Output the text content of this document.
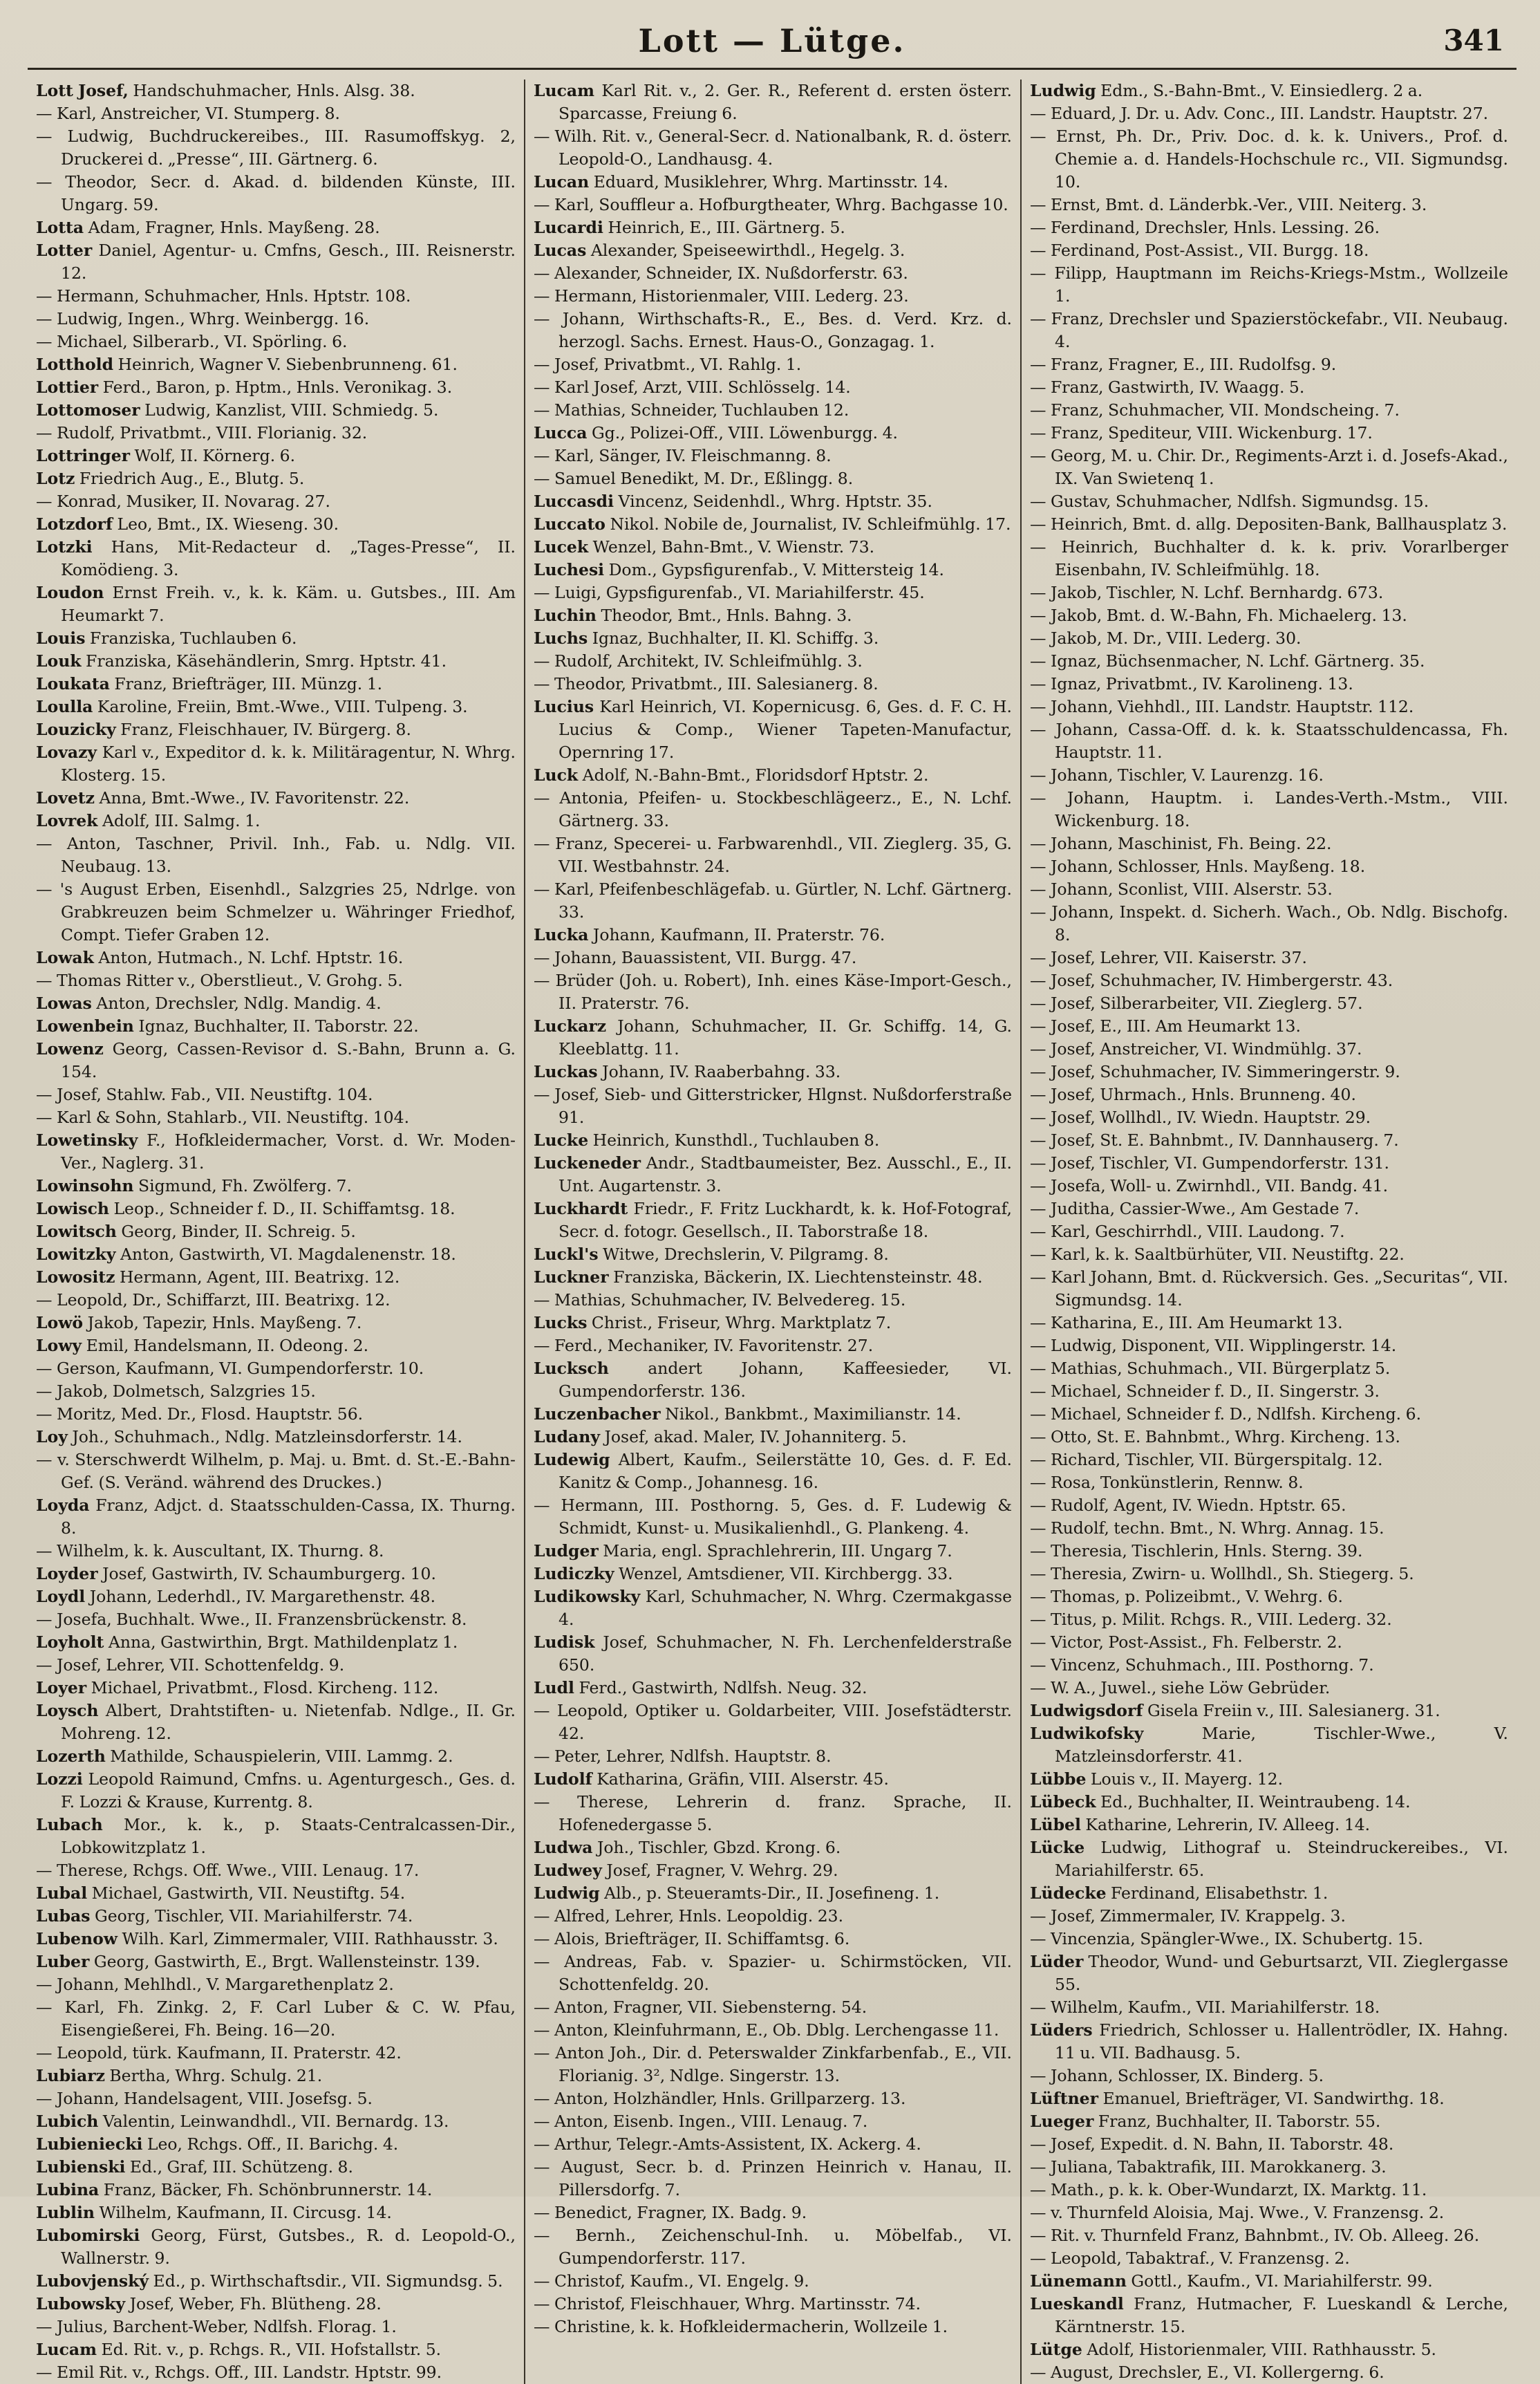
Lott — Lütge.	341
Lott Josef, Handschuhmacher, Hnls. Alsg. 38.
— Karl, Anstreicher, VI. Stumperg. 8.
— Ludwig, Buchdruckereibes., III. Rasumoffskyg. 2, Druckerei d. „Presse“, III. Gärtnerg. 6.
— Theodor, Secr. d. Akad. d. bildenden Künste, III. Ungarg. 59.
Lotta Adam, Fragner, Hnls. Mayßeng. 28.
Lotter Daniel, Agentur- u. Cmfns, Gesch., III. Reisnerstr. 12.
— Hermann, Schuhmacher, Hnls. Hptstr. 108.
— Ludwig, Ingen., Whrg. Weinbergg. 16.
— Michael, Silberarb., VI. Spörling. 6.
Lotthold Heinrich, Wagner V. Siebenbrunneng. 61.
Lottier Ferd., Baron, p. Hptm., Hnls. Veronikag. 3.
Lottomoser Ludwig, Kanzlist, VIII. Schmiedg. 5.
— Rudolf, Privatbmt., VIII. Florianig. 32.
Lottringer Wolf, II. Körnerg. 6.
Lotz Friedrich Aug., E., Blutg. 5.
— Konrad, Musiker, II. Novarag. 27.
Lotzdorf Leo, Bmt., IX. Wieseng. 30.
Lotzki Hans, Mit-Redacteur d. „Tages-Presse“, II. Komödieng. 3.
Loudon Ernst Freih. v., k. k. Käm. u. Gutsbes., III. Am Heumarkt 7.
Louis Franziska, Tuchlauben 6.
Louk Franziska, Käsehändlerin, Smrg. Hptstr. 41.
Loukata Franz, Briefträger, III. Münzg. 1.
Loulla Karoline, Freiin, Bmt.-Wwe., VIII. Tulpeng. 3.
Louzicky Franz, Fleischhauer, IV. Bürgerg. 8.
Lovazy Karl v., Expeditor d. k. k. Militäragentur, N. Whrg. Klosterg. 15.
Lovetz Anna, Bmt.-Wwe., IV. Favoritenstr. 22.
Lovrek Adolf, III. Salmg. 1.
— Anton, Taschner, Privil. Inh., Fab. u. Ndlg. VII. Neubaug. 13.
— 's August Erben, Eisenhdl., Salzgries 25, Ndrlge. von Grabkreuzen beim Schmelzer u. Währinger Friedhof, Compt. Tiefer Graben 12.
Lowak Anton, Hutmach., N. Lchf. Hptstr. 16.
— Thomas Ritter v., Oberstlieut., V. Grohg. 5.
Lowas Anton, Drechsler, Ndlg. Mandig. 4.
Lowenbein Ignaz, Buchhalter, II. Taborstr. 22.
Lowenz Georg, Cassen-Revisor d. S.-Bahn, Brunn a. G. 154.
— Josef, Stahlw. Fab., VII. Neustiftg. 104.
— Karl & Sohn, Stahlarb., VII. Neustiftg. 104.
Lowetinsky F., Hofkleidermacher, Vorst. d. Wr. Moden-Ver., Naglerg. 31.
Lowinsohn Sigmund, Fh. Zwölferg. 7.
Lowisch Leop., Schneider f. D., II. Schiffamtsg. 18.
Lowitsch Georg, Binder, II. Schreig. 5.
Lowitzky Anton, Gastwirth, VI. Magdalenenstr. 18.
Lowositz Hermann, Agent, III. Beatrixg. 12.
— Leopold, Dr., Schiffarzt, III. Beatrixg. 12.
Lowö Jakob, Tapezir, Hnls. Mayßeng. 7.
Lowy Emil, Handelsmann, II. Odeong. 2.
— Gerson, Kaufmann, VI. Gumpendorferstr. 10.
— Jakob, Dolmetsch, Salzgries 15.
— Moritz, Med. Dr., Flosd. Hauptstr. 56.
Loy Joh., Schuhmach., Ndlg. Matzleinsdorferstr. 14.
— v. Sterschwerdt Wilhelm, p. Maj. u. Bmt. d. St.-E.-Bahn-Gef. (S. Veränd. während des Druckes.)
Loyda Franz, Adjct. d. Staatsschulden-Cassa, IX. Thurng. 8.
— Wilhelm, k. k. Auscultant, IX. Thurng. 8.
Loyder Josef, Gastwirth, IV. Schaumburgerg. 10.
Loydl Johann, Lederhdl., IV. Margarethenstr. 48.
— Josefa, Buchhalt. Wwe., II. Franzensbrückenstr. 8.
Loyholt Anna, Gastwirthin, Brgt. Mathildenplatz 1.
— Josef, Lehrer, VII. Schottenfeldg. 9.
Loyer Michael, Privatbmt., Flosd. Kircheng. 112.
Loysch Albert, Drahtstiften- u. Nietenfab. Ndlge., II. Gr. Mohreng. 12.
Lozerth Mathilde, Schauspielerin, VIII. Lammg. 2.
Lozzi Leopold Raimund, Cmfns. u. Agenturgesch., Ges. d. F. Lozzi & Krause, Kurrentg. 8.
Lubach Mor., k. k., p. Staats-Centralcassen-Dir., Lobkowitzplatz 1.
— Therese, Rchgs. Off. Wwe., VIII. Lenaug. 17.
Lubal Michael, Gastwirth, VII. Neustiftg. 54.
Lubas Georg, Tischler, VII. Mariahilferstr. 74.
Lubenow Wilh. Karl, Zimmermaler, VIII. Rathhausstr. 3.
Luber Georg, Gastwirth, E., Brgt. Wallensteinstr. 139.
— Johann, Mehlhdl., V. Margarethenplatz 2.
— Karl, Fh. Zinkg. 2, F. Carl Luber & C. W. Pfau, Eisengießerei, Fh. Being. 16—20.
— Leopold, türk. Kaufmann, II. Praterstr. 42.
Lubiarz Bertha, Whrg. Schulg. 21.
— Johann, Handelsagent, VIII. Josefsg. 5.
Lubich Valentin, Leinwandhdl., VII. Bernardg. 13.
Lubieniecki Leo, Rchgs. Off., II. Barichg. 4.
Lubienski Ed., Graf, III. Schützeng. 8.
Lubina Franz, Bäcker, Fh. Schönbrunnerstr. 14.
Lublin Wilhelm, Kaufmann, II. Circusg. 14.
Lubomirski Georg, Fürst, Gutsbes., R. d. Leopold-O., Wallnerstr. 9.
Lubovjenský Ed., p. Wirthschaftsdir., VII. Sigmundsg. 5.
Lubowsky Josef, Weber, Fh. Blütheng. 28.
— Julius, Barchent-Weber, Ndlfsh. Florag. 1.
Lucam Ed. Rit. v., p. Rchgs. R., VII. Hofstallstr. 5.
— Emil Rit. v., Rchgs. Off., III. Landstr. Hptstr. 99.
Lucam Karl Rit. v., 2. Ger. R., Referent d. ersten österr. Sparcasse, Freiung 6.
— Wilh. Rit. v., General-Secr. d. Nationalbank, R. d. österr. Leopold-O., Landhausg. 4.
Lucan Eduard, Musiklehrer, Whrg. Martinsstr. 14.
— Karl, Souffleur a. Hofburgtheater, Whrg. Bachgasse 10.
Lucardi Heinrich, E., III. Gärtnerg. 5.
Lucas Alexander, Speiseewirthdl., Hegelg. 3.
— Alexander, Schneider, IX. Nußdorferstr. 63.
— Hermann, Historienmaler, VIII. Lederg. 23.
— Johann, Wirthschafts-R., E., Bes. d. Verd. Krz. d. herzogl. Sachs. Ernest. Haus-O., Gonzagag. 1.
— Josef, Privatbmt., VI. Rahlg. 1.
— Karl Josef, Arzt, VIII. Schlösselg. 14.
— Mathias, Schneider, Tuchlauben 12.
Lucca Gg., Polizei-Off., VIII. Löwenburgg. 4.
— Karl, Sänger, IV. Fleischmanng. 8.
— Samuel Benedikt, M. Dr., Eßlingg. 8.
Luccasdi Vincenz, Seidenhdl., Whrg. Hptstr. 35.
Luccato Nikol. Nobile de, Journalist, IV. Schleifmühlg. 17.
Lucek Wenzel, Bahn-Bmt., V. Wienstr. 73.
Luchesi Dom., Gypsfigurenfab., V. Mittersteig 14.
— Luigi, Gypsfigurenfab., VI. Mariahilferstr. 45.
Luchin Theodor, Bmt., Hnls. Bahng. 3.
Luchs Ignaz, Buchhalter, II. Kl. Schiffg. 3.
— Rudolf, Architekt, IV. Schleifmühlg. 3.
— Theodor, Privatbmt., III. Salesianerg. 8.
Lucius Karl Heinrich, VI. Kopernicusg. 6, Ges. d. F. C. H. Lucius & Comp., Wiener Tapeten-Manufactur, Opernring 17.
Luck Adolf, N.-Bahn-Bmt., Floridsdorf Hptstr. 2.
— Antonia, Pfeifen- u. Stockbeschlägeerz., E., N. Lchf. Gärtnerg. 33.
— Franz, Specerei- u. Farbwarenhdl., VII. Zieglerg. 35, G. VII. Westbahnstr. 24.
— Karl, Pfeifenbeschlägefab. u. Gürtler, N. Lchf. Gärtnerg. 33.
Lucka Johann, Kaufmann, II. Praterstr. 76.
— Johann, Bauassistent, VII. Burgg. 47.
— Brüder (Joh. u. Robert), Inh. eines Käse-Import-Gesch., II. Praterstr. 76.
Luckarz Johann, Schuhmacher, II. Gr. Schiffg. 14, G. Kleeblattg. 11.
Luckas Johann, IV. Raaberbahng. 33.
— Josef, Sieb- und Gitterstricker, Hlgnst. Nußdorferstraße 91.
Lucke Heinrich, Kunsthdl., Tuchlauben 8.
Luckeneder Andr., Stadtbaumeister, Bez. Ausschl., E., II. Unt. Augartenstr. 3.
Luckhardt Friedr., F. Fritz Luckhardt, k. k. Hof-Fotograf, Secr. d. fotogr. Gesellsch., II. Taborstraße 18.
Luckl's Witwe, Drechslerin, V. Pilgramg. 8.
Luckner Franziska, Bäckerin, IX. Liechtensteinstr. 48.
— Mathias, Schuhmacher, IV. Belvedereg. 15.
Lucks Christ., Friseur, Whrg. Marktplatz 7.
— Ferd., Mechaniker, IV. Favoritenstr. 27.
Lucksch andert Johann, Kaffeesieder, VI. Gumpendorferstr. 136.
Luczenbacher Nikol., Bankbmt., Maximilianstr. 14.
Ludany Josef, akad. Maler, IV. Johanniterg. 5.
Ludewig Albert, Kaufm., Seilerstätte 10, Ges. d. F. Ed. Kanitz & Comp., Johannesg. 16.
— Hermann, III. Posthorng. 5, Ges. d. F. Ludewig & Schmidt, Kunst- u. Musikalienhdl., G. Plankeng. 4.
Ludger Maria, engl. Sprachlehrerin, III. Ungarg 7.
Ludiczky Wenzel, Amtsdiener, VII. Kirchbergg. 33.
Ludikowsky Karl, Schuhmacher, N. Whrg. Czermakgasse 4.
Ludisk Josef, Schuhmacher, N. Fh. Lerchenfelderstraße 650.
Ludl Ferd., Gastwirth, Ndlfsh. Neug. 32.
— Leopold, Optiker u. Goldarbeiter, VIII. Josefstädterstr. 42.
— Peter, Lehrer, Ndlfsh. Hauptstr. 8.
Ludolf Katharina, Gräfin, VIII. Alserstr. 45.
— Therese, Lehrerin d. franz. Sprache, II. Hofenedergasse 5.
Ludwa Joh., Tischler, Gbzd. Krong. 6.
Ludwey Josef, Fragner, V. Wehrg. 29.
Ludwig Alb., p. Steueramts-Dir., II. Josefineng. 1.
— Alfred, Lehrer, Hnls. Leopoldig. 23.
— Alois, Briefträger, II. Schiffamtsg. 6.
— Andreas, Fab. v. Spazier- u. Schirmstöcken, VII. Schottenfeldg. 20.
— Anton, Fragner, VII. Siebensterng. 54.
— Anton, Kleinfuhrmann, E., Ob. Dblg. Lerchengasse 11.
— Anton Joh., Dir. d. Peterswalder Zinkfarbenfab., E., VII. Florianig. 3², Ndlge. Singerstr. 13.
— Anton, Holzhändler, Hnls. Grillparzerg. 13.
— Anton, Eisenb. Ingen., VIII. Lenaug. 7.
— Arthur, Telegr.-Amts-Assistent, IX. Ackerg. 4.
— August, Secr. b. d. Prinzen Heinrich v. Hanau, II. Pillersdorfg. 7.
— Benedict, Fragner, IX. Badg. 9.
— Bernh., Zeichenschul-Inh. u. Möbelfab., VI. Gumpendorferstr. 117.
— Christof, Kaufm., VI. Engelg. 9.
— Christof, Fleischhauer, Whrg. Martinsstr. 74.
— Christine, k. k. Hofkleidermacherin, Wollzeile 1.
Ludwig Edm., S.-Bahn-Bmt., V. Einsiedlerg. 2 a.
— Eduard, J. Dr. u. Adv. Conc., III. Landstr. Hauptstr. 27.
— Ernst, Ph. Dr., Priv. Doc. d. k. k. Univers., Prof. d. Chemie a. d. Handels-Hochschule rc., VII. Sigmundsg. 10.
— Ernst, Bmt. d. Länderbk.-Ver., VIII. Neiterg. 3.
— Ferdinand, Drechsler, Hnls. Lessing. 26.
— Ferdinand, Post-Assist., VII. Burgg. 18.
— Filipp, Hauptmann im Reichs-Kriegs-Mstm., Wollzeile 1.
— Franz, Drechsler und Spazierstöckefabr., VII. Neubaug. 4.
— Franz, Fragner, E., III. Rudolfsg. 9.
— Franz, Gastwirth, IV. Waagg. 5.
— Franz, Schuhmacher, VII. Mondscheing. 7.
— Franz, Spediteur, VIII. Wickenburg. 17.
— Georg, M. u. Chir. Dr., Regiments-Arzt i. d. Josefs-Akad., IX. Van Swietenq 1.
— Gustav, Schuhmacher, Ndlfsh. Sigmundsg. 15.
— Heinrich, Bmt. d. allg. Depositen-Bank, Ballhausplatz 3.
— Heinrich, Buchhalter d. k. k. priv. Vorarlberger Eisenbahn, IV. Schleifmühlg. 18.
— Jakob, Tischler, N. Lchf. Bernhardg. 673.
— Jakob, Bmt. d. W.-Bahn, Fh. Michaelerg. 13.
— Jakob, M. Dr., VIII. Lederg. 30.
— Ignaz, Büchsenmacher, N. Lchf. Gärtnerg. 35.
— Ignaz, Privatbmt., IV. Karolineng. 13.
— Johann, Viehhdl., III. Landstr. Hauptstr. 112.
— Johann, Cassa-Off. d. k. k. Staatsschuldencassa, Fh. Hauptstr. 11.
— Johann, Tischler, V. Laurenzg. 16.
— Johann, Hauptm. i. Landes-Verth.-Mstm., VIII. Wickenburg. 18.
— Johann, Maschinist, Fh. Being. 22.
— Johann, Schlosser, Hnls. Mayßeng. 18.
— Johann, Sconlist, VIII. Alserstr. 53.
— Johann, Inspekt. d. Sicherh. Wach., Ob. Ndlg. Bischofg. 8.
— Josef, Lehrer, VII. Kaiserstr. 37.
— Josef, Schuhmacher, IV. Himbergerstr. 43.
— Josef, Silberarbeiter, VII. Zieglerg. 57.
— Josef, E., III. Am Heumarkt 13.
— Josef, Anstreicher, VI. Windmühlg. 37.
— Josef, Schuhmacher, IV. Simmeringerstr. 9.
— Josef, Uhrmach., Hnls. Brunneng. 40.
— Josef, Wollhdl., IV. Wiedn. Hauptstr. 29.
— Josef, St. E. Bahnbmt., IV. Dannhauserg. 7.
— Josef, Tischler, VI. Gumpendorferstr. 131.
— Josefa, Woll- u. Zwirnhdl., VII. Bandg. 41.
— Juditha, Cassier-Wwe., Am Gestade 7.
— Karl, Geschirrhdl., VIII. Laudong. 7.
— Karl, k. k. Saaltbürhüter, VII. Neustiftg. 22.
— Karl Johann, Bmt. d. Rückversich. Ges. „Securitas“, VII. Sigmundsg. 14.
— Katharina, E., III. Am Heumarkt 13.
— Ludwig, Disponent, VII. Wipplingerstr. 14.
— Mathias, Schuhmach., VII. Bürgerplatz 5.
— Michael, Schneider f. D., II. Singerstr. 3.
— Michael, Schneider f. D., Ndlfsh. Kircheng. 6.
— Otto, St. E. Bahnbmt., Whrg. Kircheng. 13.
— Richard, Tischler, VII. Bürgerspitalg. 12.
— Rosa, Tonkünstlerin, Rennw. 8.
— Rudolf, Agent, IV. Wiedn. Hptstr. 65.
— Rudolf, techn. Bmt., N. Whrg. Annag. 15.
— Theresia, Tischlerin, Hnls. Sterng. 39.
— Theresia, Zwirn- u. Wollhdl., Sh. Stiegerg. 5.
— Thomas, p. Polizeibmt., V. Wehrg. 6.
— Titus, p. Milit. Rchgs. R., VIII. Lederg. 32.
— Victor, Post-Assist., Fh. Felberstr. 2.
— Vincenz, Schuhmach., III. Posthorng. 7.
— W. A., Juwel., siehe Löw Gebrüder.
Ludwigsdorf Gisela Freiin v., III. Salesianerg. 31.
Ludwikofsky Marie, Tischler-Wwe., V. Matzleinsdorferstr. 41.
Lübbe Louis v., II. Mayerg. 12.
Lübeck Ed., Buchhalter, II. Weintraubeng. 14.
Lübel Katharine, Lehrerin, IV. Alleeg. 14.
Lücke Ludwig, Lithograf u. Steindruckereibes., VI. Mariahilferstr. 65.
Lüdecke Ferdinand, Elisabethstr. 1.
— Josef, Zimmermaler, IV. Krappelg. 3.
— Vincenzia, Spängler-Wwe., IX. Schubertg. 15.
Lüder Theodor, Wund- und Geburtsarzt, VII. Zieglergasse 55.
— Wilhelm, Kaufm., VII. Mariahilferstr. 18.
Lüders Friedrich, Schlosser u. Hallentrödler, IX. Hahng. 11 u. VII. Badhausg. 5.
— Johann, Schlosser, IX. Binderg. 5.
Lüftner Emanuel, Briefträger, VI. Sandwirthg. 18.
Lueger Franz, Buchhalter, II. Taborstr. 55.
— Josef, Expedit. d. N. Bahn, II. Taborstr. 48.
— Juliana, Tabaktrafik, III. Marokkanerg. 3.
— Math., p. k. k. Ober-Wundarzt, IX. Marktg. 11.
— v. Thurnfeld Aloisia, Maj. Wwe., V. Franzensg. 2.
— Rit. v. Thurnfeld Franz, Bahnbmt., IV. Ob. Alleeg. 26.
— Leopold, Tabaktraf., V. Franzensg. 2.
Lünemann Gottl., Kaufm., VI. Mariahilferstr. 99.
Lueskandl Franz, Hutmacher, F. Lueskandl & Lerche, Kärntnerstr. 15.
Lütge Adolf, Historienmaler, VIII. Rathhausstr. 5.
— August, Drechsler, E., VI. Kollergerng. 6.
